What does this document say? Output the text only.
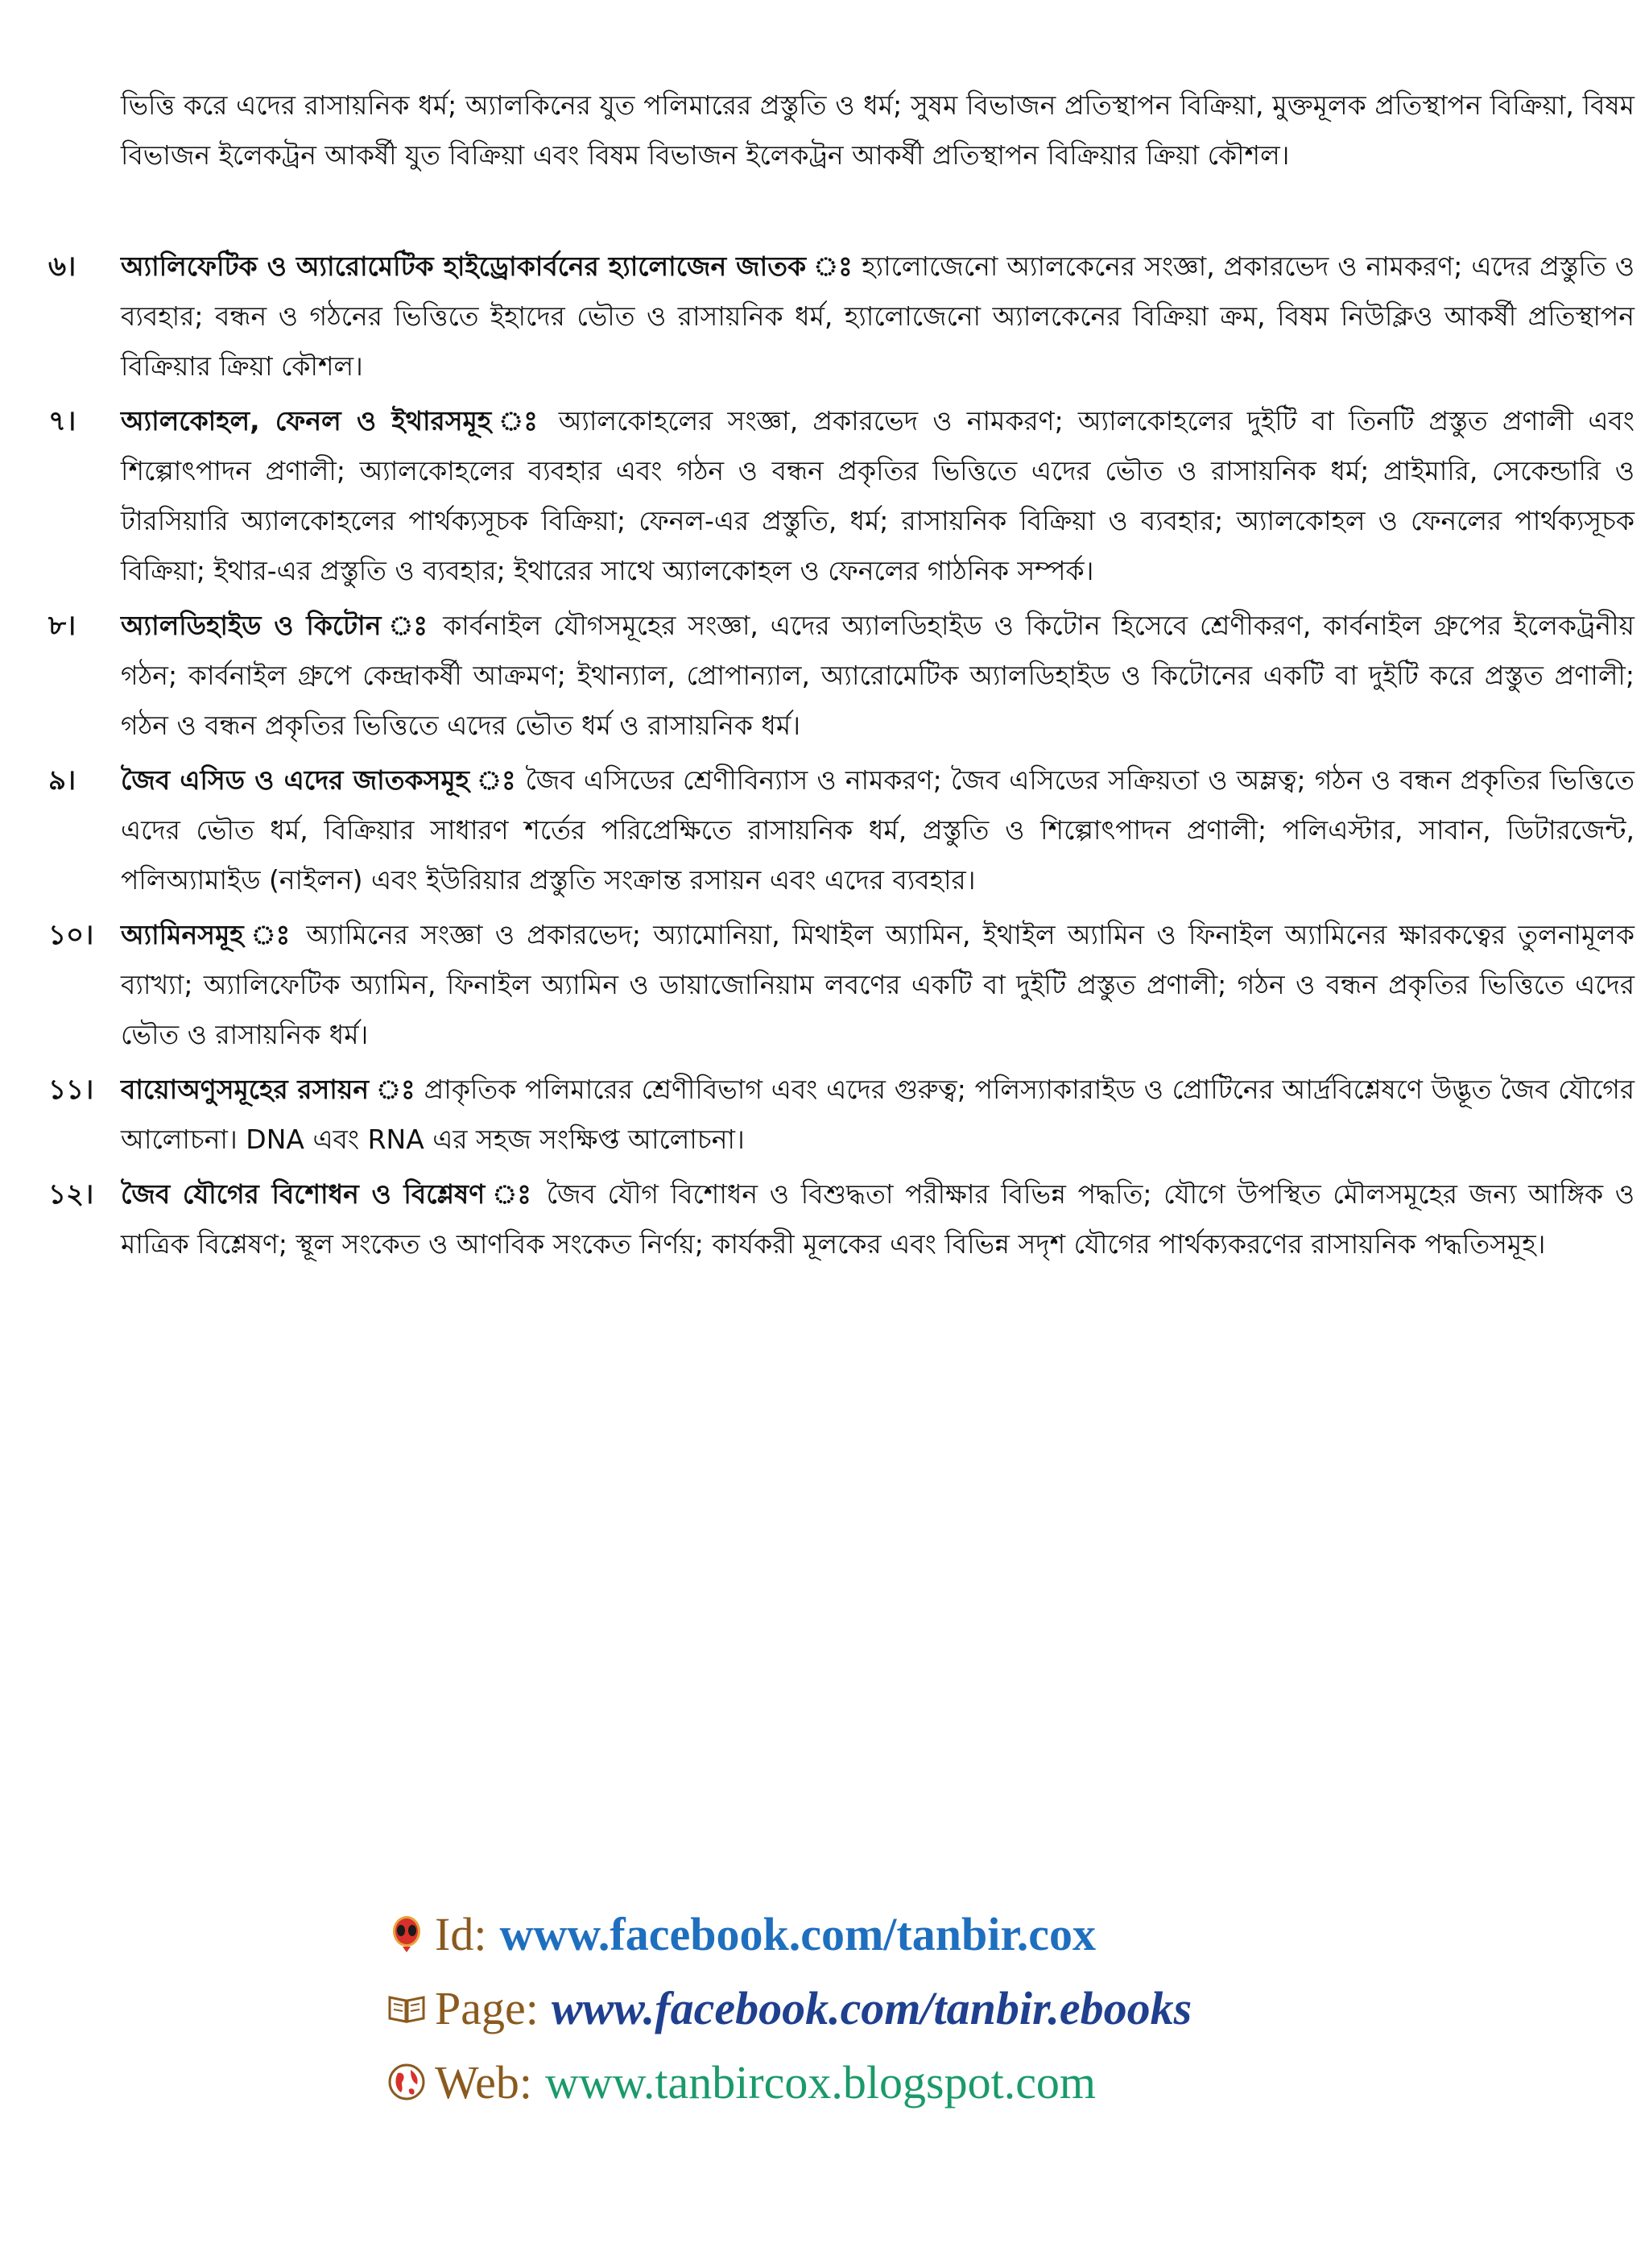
ভিত্তি করে এদের রাসায়নিক ধর্ম; অ্যালকিনের যুত পলিমারের প্রস্তুতি ও ধর্ম; সুষম বিভাজন প্রতিস্থাপন বিক্রিয়া, মুক্তমূলক প্রতিস্থাপন বিক্রিয়া, বিষম বিভাজন ইলেকট্রন আকর্ষী যুত বিক্রিয়া এবং বিষম বিভাজন ইলেকট্রন আকর্ষী প্রতিস্থাপন বিক্রিয়ার ক্রিয়া কৌশল।
৬।	অ্যালিফেটিক ও অ্যারোমেটিক হাইড্রোকার্বনের হ্যালোজেন জাতক ঃ হ্যালোজেনো অ্যালকেনের সংজ্ঞা, প্রকারভেদ ও নামকরণ; এদের প্রস্তুতি ও ব্যবহার; বন্ধন ও গঠনের ভিত্তিতে ইহাদের ভৌত ও রাসায়নিক ধর্ম, হ্যালোজেনো অ্যালকেনের বিক্রিয়া ক্রম, বিষম নিউক্লিও আকর্ষী প্রতিস্থাপন বিক্রিয়ার ক্রিয়া কৌশল।
৭।	অ্যালকোহল, ফেনল ও ইথারসমূহ ঃ অ্যালকোহলের সংজ্ঞা, প্রকারভেদ ও নামকরণ; অ্যালকোহলের দুইটি বা তিনটি প্রস্তুত প্রণালী এবং শিল্পোৎপাদন প্রণালী; অ্যালকোহলের ব্যবহার এবং গঠন ও বন্ধন প্রকৃতির ভিত্তিতে এদের ভৌত ও রাসায়নিক ধর্ম; প্রাইমারি, সেকেন্ডারি ও টারসিয়ারি অ্যালকোহলের পার্থক্যসূচক বিক্রিয়া; ফেনল-এর প্রস্তুতি, ধর্ম; রাসায়নিক বিক্রিয়া ও ব্যবহার; অ্যালকোহল ও ফেনলের পার্থক্যসূচক বিক্রিয়া; ইথার-এর প্রস্তুতি ও ব্যবহার; ইথারের সাথে অ্যালকোহল ও ফেনলের গাঠনিক সম্পর্ক।
৮।	অ্যালডিহাইড ও কিটোন ঃ কার্বনাইল যৌগসমূহের সংজ্ঞা, এদের অ্যালডিহাইড ও কিটোন হিসেবে শ্রেণীকরণ, কার্বনাইল গ্রুপের ইলেকট্রনীয় গঠন; কার্বনাইল গ্রুপে কেন্দ্রাকর্ষী আক্রমণ; ইথান্যাল, প্রোপান্যাল, অ্যারোমেটিক অ্যালডিহাইড ও কিটোনের একটি বা দুইটি করে প্রস্তুত প্রণালী; গঠন ও বন্ধন প্রকৃতির ভিত্তিতে এদের ভৌত ধর্ম ও রাসায়নিক ধর্ম।
৯।	জৈব এসিড ও এদের জাতকসমূহ ঃ জৈব এসিডের শ্রেণীবিন্যাস ও নামকরণ; জৈব এসিডের সক্রিয়তা ও অম্লত্ব; গঠন ও বন্ধন প্রকৃতির ভিত্তিতে এদের ভৌত ধর্ম, বিক্রিয়ার সাধারণ শর্তের পরিপ্রেক্ষিতে রাসায়নিক ধর্ম, প্রস্তুতি ও শিল্পোৎপাদন প্রণালী; পলিএস্টার, সাবান, ডিটারজেন্ট, পলিঅ্যামাইড (নাইলন) এবং ইউরিয়ার প্রস্তুতি সংক্রান্ত রসায়ন এবং এদের ব্যবহার।
১০।	অ্যামিনসমূহ ঃ অ্যামিনের সংজ্ঞা ও প্রকারভেদ; অ্যামোনিয়া, মিথাইল অ্যামিন, ইথাইল অ্যামিন ও ফিনাইল অ্যামিনের ক্ষারকত্বের তুলনামূলক ব্যাখ্যা; অ্যালিফেটিক অ্যামিন, ফিনাইল অ্যামিন ও ডায়াজোনিয়াম লবণের একটি বা দুইটি প্রস্তুত প্রণালী; গঠন ও বন্ধন প্রকৃতির ভিত্তিতে এদের ভৌত ও রাসায়নিক ধর্ম।
১১।	বায়োঅণুসমূহের রসায়ন ঃ প্রাকৃতিক পলিমারের শ্রেণীবিভাগ এবং এদের গুরুত্ব; পলিস্যাকারাইড ও প্রোটিনের আর্দ্রবিশ্লেষণে উদ্ভূত জৈব যৌগের আলোচনা। DNA এবং RNA এর সহজ সংক্ষিপ্ত আলোচনা।
১২।	জৈব যৌগের বিশোধন ও বিশ্লেষণ ঃ জৈব যৌগ বিশোধন ও বিশুদ্ধতা পরীক্ষার বিভিন্ন পদ্ধতি; যৌগে উপস্থিত মৌলসমূহের জন্য আঙ্গিক ও মাত্রিক বিশ্লেষণ; স্থূল সংকেত ও আণবিক সংকেত নির্ণয়; কার্যকরী মূলকের এবং বিভিন্ন সদৃশ যৌগের পার্থক্যকরণের রাসায়নিক পদ্ধতিসমূহ।
Id: www.facebook.com/tanbir.cox
Page: www.facebook.com/tanbir.ebooks
Web: www.tanbircox.blogspot.com
